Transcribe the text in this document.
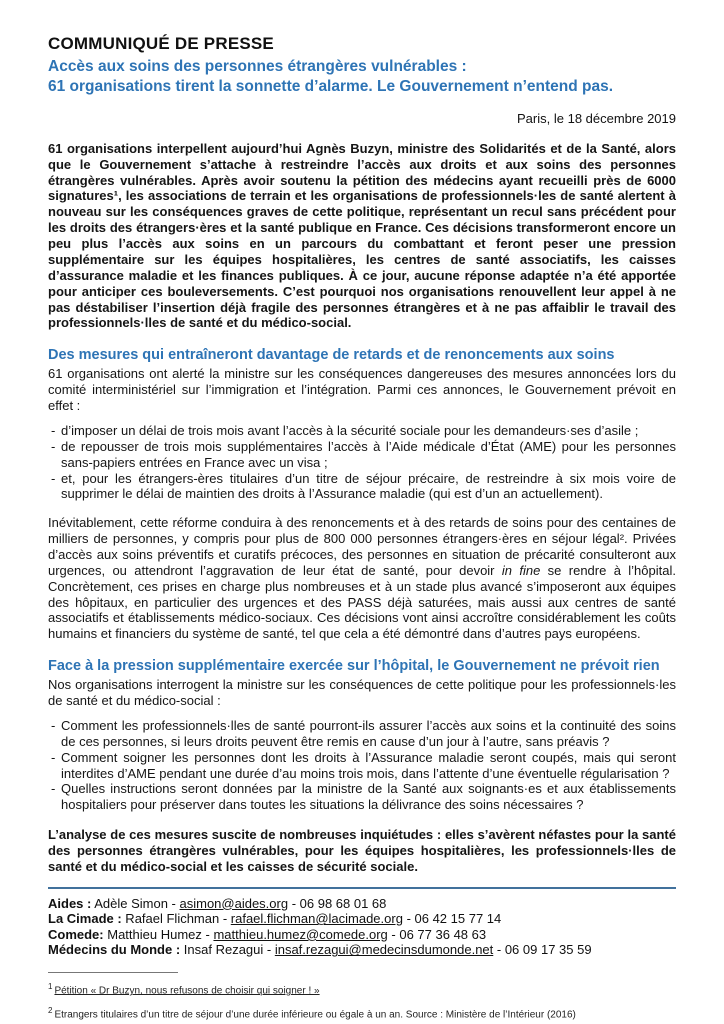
COMMUNIQUÉ DE PRESSE
Accès aux soins des personnes étrangères vulnérables :
61 organisations tirent la sonnette d’alarme. Le Gouvernement n’entend pas.
Paris, le 18 décembre 2019

61 organisations interpellent aujourd’hui Agnès Buzyn, ministre des Solidarités et de la Santé, alors que le Gouvernement s’attache à restreindre l’accès aux droits et aux soins des personnes étrangères vulnérables. Après avoir soutenu la pétition des médecins ayant recueilli près de 6000 signatures¹, les associations de terrain et les organisations de professionnels·les de santé alertent à nouveau sur les conséquences graves de cette politique, représentant un recul sans précédent pour les droits des étrangers·ères et la santé publique en France. Ces décisions transformeront encore un peu plus l’accès aux soins en un parcours du combattant et feront peser une pression supplémentaire sur les équipes hospitalières, les centres de santé associatifs, les caisses d’assurance maladie et les finances publiques. À ce jour, aucune réponse adaptée n’a été apportée pour anticiper ces bouleversements. C’est pourquoi nos organisations renouvellent leur appel à ne pas déstabiliser l’insertion déjà fragile des personnes étrangères et à ne pas affaiblir le travail des professionnels·lles de santé et du médico-social.

Des mesures qui entraîneront davantage de retards et de renoncements aux soins

61 organisations ont alerté la ministre sur les conséquences dangereuses des mesures annoncées lors du comité interministériel sur l’immigration et l’intégration. Parmi ces annonces, le Gouvernement prévoit en effet :

- d’imposer un délai de trois mois avant l’accès à la sécurité sociale pour les demandeurs·ses d’asile ;
- de repousser de trois mois supplémentaires l’accès à l’Aide médicale d’État (AME) pour les personnes sans-papiers entrées en France avec un visa ;
- et, pour les étrangers-ères titulaires d’un titre de séjour précaire, de restreindre à six mois voire de supprimer le délai de maintien des droits à l’Assurance maladie (qui est d’un an actuellement).

Inévitablement, cette réforme conduira à des renoncements et à des retards de soins pour des centaines de milliers de personnes, y compris pour plus de 800 000 personnes étrangers·ères en séjour légal². Privées d’accès aux soins préventifs et curatifs précoces, des personnes en situation de précarité consulteront aux urgences, ou attendront l’aggravation de leur état de santé, pour devoir in fine se rendre à l’hôpital. Concrètement, ces prises en charge plus nombreuses et à un stade plus avancé s’imposeront aux équipes des hôpitaux, en particulier des urgences et des PASS déjà saturées, mais aussi aux centres de santé associatifs et établissements médico-sociaux. Ces décisions vont ainsi accroître considérablement les coûts humains et financiers du système de santé, tel que cela a été démontré dans d’autres pays européens.

Face à la pression supplémentaire exercée sur l’hôpital, le Gouvernement ne prévoit rien

Nos organisations interrogent la ministre sur les conséquences de cette politique pour les professionnels·les de santé et du médico-social :

- Comment les professionnels·lles de santé pourront-ils assurer l’accès aux soins et la continuité des soins de ces personnes, si leurs droits peuvent être remis en cause d’un jour à l’autre, sans préavis ?
- Comment soigner les personnes dont les droits à l’Assurance maladie seront coupés, mais qui seront interdites d’AME pendant une durée d’au moins trois mois, dans l’attente d’une éventuelle régularisation ?
- Quelles instructions seront données par la ministre de la Santé aux soignants·es et aux établissements hospitaliers pour préserver dans toutes les situations la délivrance des soins nécessaires ?

L’analyse de ces mesures suscite de nombreuses inquiétudes : elles s’avèrent néfastes pour la santé des personnes étrangères vulnérables, pour les équipes hospitalières, les professionnels·lles de santé et du médico-social et les caisses de sécurité sociale.

Aides : Adèle Simon - asimon@aides.org - 06 98 68 01 68
La Cimade : Rafael Flichman - rafael.flichman@lacimade.org - 06 42 15 77 14
Comede: Matthieu Humez - matthieu.humez@comede.org - 06 77 36 48 63
Médecins du Monde : Insaf Rezagui - insaf.rezagui@medecinsdumonde.net - 06 09 17 35 59
$^1$ Pétition « Dr Buzyn, nous refusons de choisir qui soigner ! »
$^2$ Etrangers titulaires d’un titre de séjour d’une durée inférieure ou égale à un an. Source : Ministère de l’Intérieur (2016)
